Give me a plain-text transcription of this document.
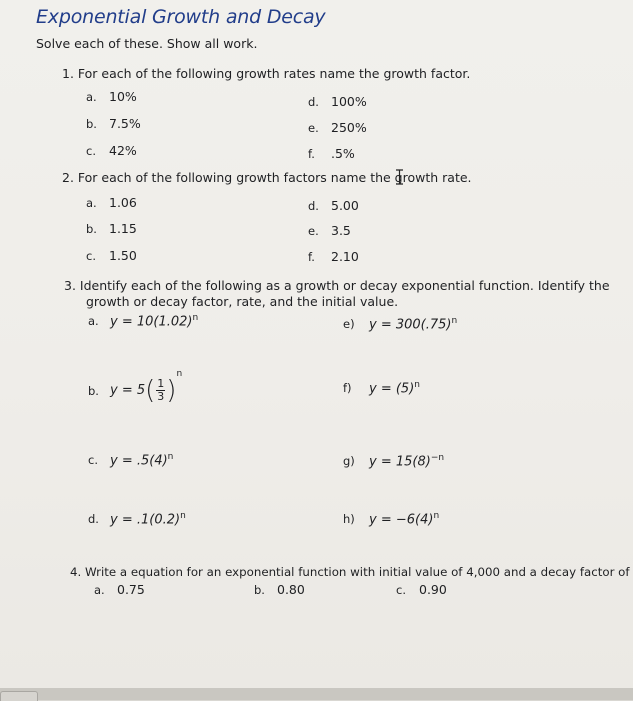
Exponential Growth and Decay
Solve each of these. Show all work.
1. For each of the following growth rates name the growth factor.
a. 10%
b. 7.5%
c. 42%
d. 100%
e. 250%
f. .5%
2. For each of the following growth factors name the growth rate.
a. 1.06
b. 1.15
c. 1.50
d. 5.00
e. 3.5
f. 2.10
3. Identify each of the following as a growth or decay exponential function. Identify the
growth or decay factor, rate, and the initial value.
a. $y = 10(1.02)^n$
b. $y = 5( \frac{1}{3} )^n$
c. $y = .5(4)^n$
d. $y = .1(0.2)^n$
e) $y = 300(.75)^n$
f) $y = (5)^n$
g) $y = 15(8)^{-n}$
h) $y = -6(4)^n$
4. Write a equation for an exponential function with initial value of 4,000 and a decay factor of
a. 0.75	b. 0.80	c. 0.90
